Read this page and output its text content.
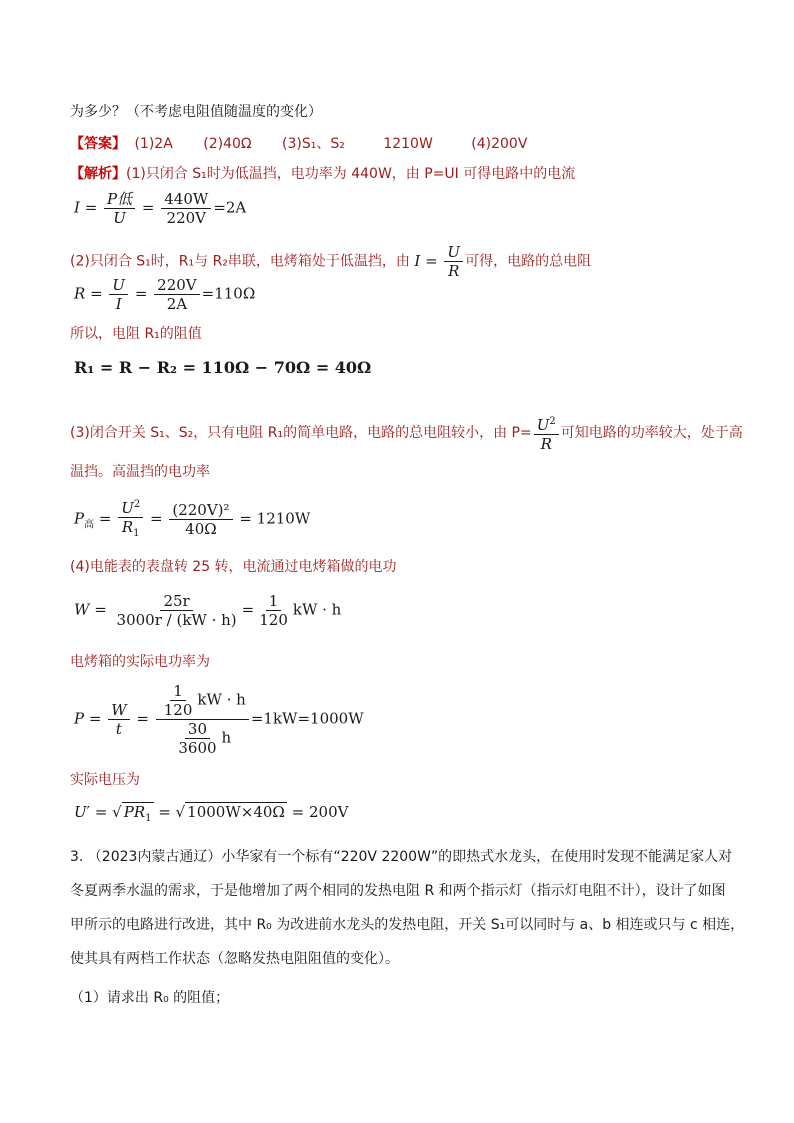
为多少？（不考虑电阻值随温度的变化）
【答案】 (1)2A (2)40Ω (3)S₁、S₂	1210W	(4)200V
【解析】(1)只闭合 S₁时为低温挡，电功率为 440W，由 P=UI 可得电路中的电流
$I = \frac{\text{P低}}{U} = \frac{440W}{220V} =2A$
(2)只闭合 S₁时，R₁与 R₂串联，电烤箱处于低温挡，由 $I = \frac{U}{R}$ 可得，电路的总电阻
$R = \frac{U}{I} = \frac{220V}{2A} =110\Omega$
所以，电阻 R₁的阻值
R₁ = R − R₂ = 110Ω − 70Ω = 40Ω
(3)闭合开关 S₁、S₂，只有电阻 R₁的简单电路，电路的总电阻较小，由 $P= \frac{U^2}{R}$ 可知电路的功率较大，处于高
温挡。高温挡的电功率
$P_高 = \frac{U^2}{R_1} = \frac{\text{(220V)²}}{40\Omega} = 1210W$
(4)电能表的表盘转 25 转，电流通过电烤箱做的电功
$W = \frac{25r}{3000r / (kW \cdot h)} = \frac{1}{120}$ kW · h
电烤箱的实际电功率为
$P = \frac{W}{t} = \frac{\frac{1}{120} kW \cdot h}{\frac{30}{3600} h} =1kW=1000W$
实际电压为
U′ = √ $PR_1$ = √ 1000W×40Ω = 200V
3. （2023内蒙古通辽）小华家有一个标有“220V 2200W”的即热式水龙头，在使用时发现不能满足家人对
冬夏两季水温的需求，于是他增加了两个相同的发热电阻 R 和两个指示灯（指示灯电阻不计），设计了如图
甲所示的电路进行改进，其中 R₀ 为改进前水龙头的发热电阻，开关 S₁可以同时与 a、b 相连或只与 c 相连，
使其具有两档工作状态（忽略发热电阻阻值的变化）。
（1）请求出 R₀ 的阻值；
